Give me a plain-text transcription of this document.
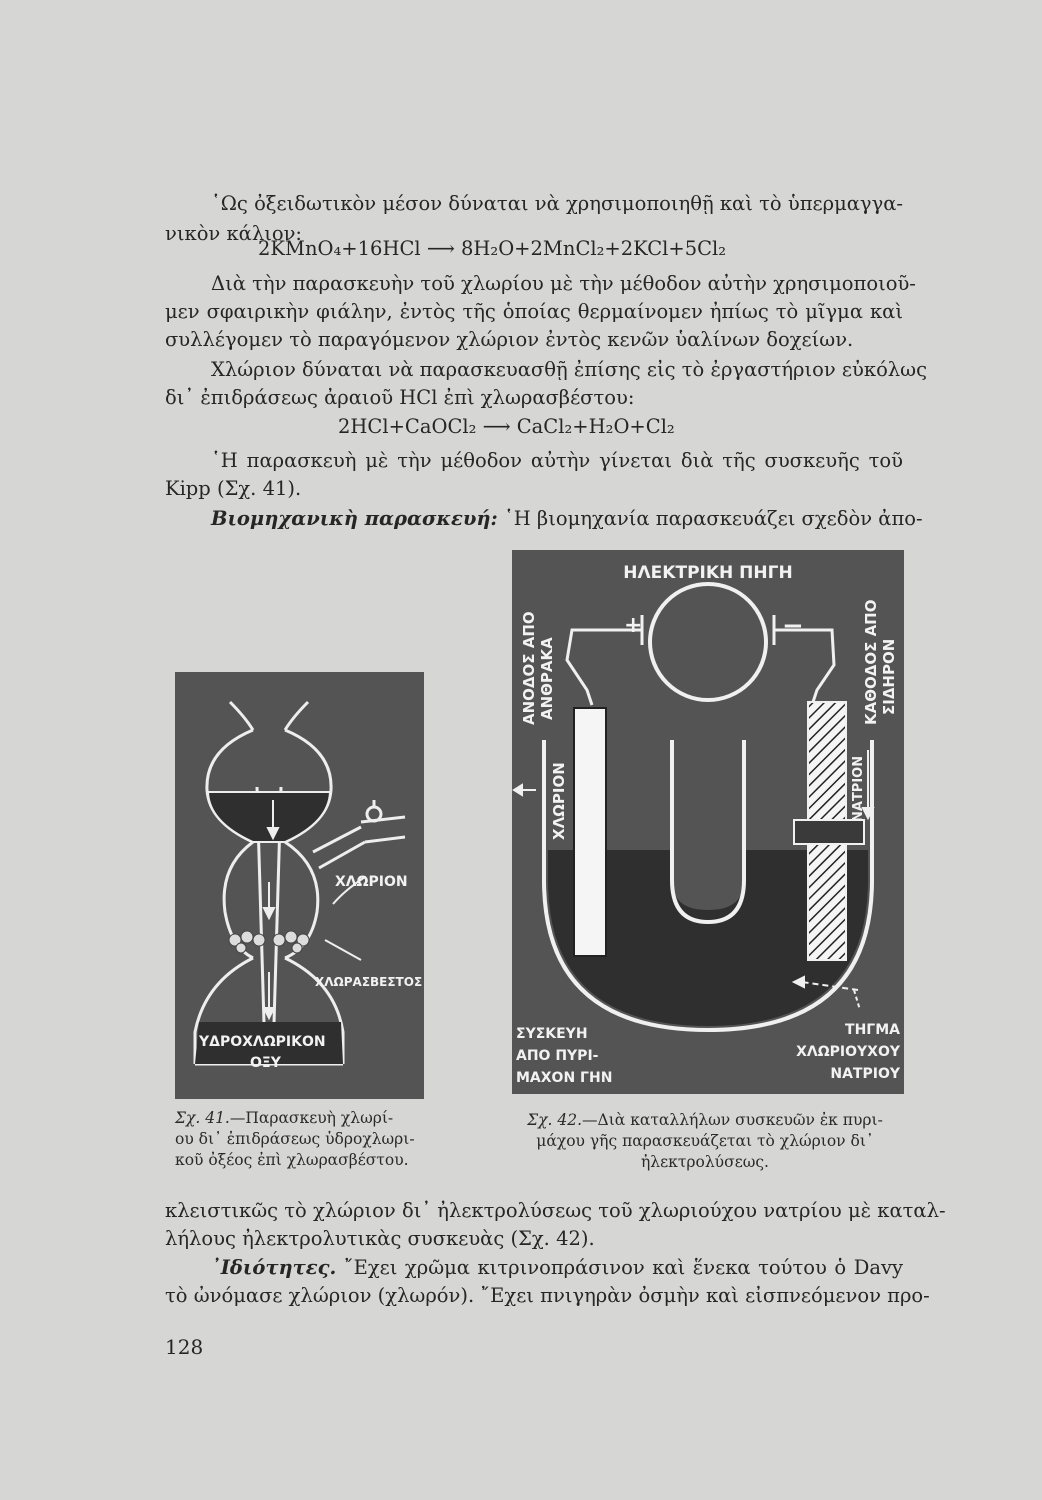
῾Ως ὀξειδωτικὸν μέσον δύναται νὰ χρησιμοποιηθῇ καὶ τὸ ὑπερμαγγα-
νικὸν κάλιον:
2KMnO₄+16HCl ⟶ 8H₂O+2MnCl₂+2KCl+5Cl₂
Διὰ τὴν παρασκευὴν τοῦ χλωρίου μὲ τὴν μέθοδον αὐτὴν χρησιμοποιοῦ-
μεν σφαιρικὴν φιάλην, ἐντὸς τῆς ὁποίας θερμαίνομεν ἠπίως τὸ μῖγμα καὶ
συλλέγομεν τὸ παραγόμενον χλώριον ἐντὸς κενῶν ὑαλίνων δοχείων.
Χλώριον δύναται νὰ παρασκευασθῇ ἐπίσης εἰς τὸ ἐργαστήριον εὐκόλως
δι᾿ ἐπιδράσεως ἀραιοῦ HCl ἐπὶ χλωρασβέστου:
2HCl+CaOCl₂ ⟶ CaCl₂+H₂O+Cl₂
῾Η παρασκευὴ μὲ τὴν μέθοδον αὐτὴν γίνεται διὰ τῆς συσκευῆς τοῦ
Kipp (Σχ. 41).
Βιομηχανικὴ παρασκευή: ῾Η βιομηχανία παρασκευάζει σχεδὸν ἀπο-
ΧΛΩΡΙΟΝ
ΧΛΩΡΑΣΒΕΣΤΟΣ
ΥΔΡΟΧΛΩΡΙΚΟΝ
ΟΞΥ
Σχ. 41.—Παρασκευὴ χλωρί-
ου δι᾿ ἐπιδράσεως ὑδροχλωρι-
κοῦ ὀξέος ἐπὶ χλωρασβέστου.
ΗΛΕΚΤΡΙΚΗ ΠΗΓΗ
+	−
ΑΝΟΔΟΣ ΑΠΟ ΑΝΘΡΑΚΑ	ΚΑΘΟΔΟΣ ΑΠΟ ΣΙΔΗΡΟΝ
ΧΛΩΡΙΟΝ	ΝΑΤΡΙΟΝ
ΣΥΣΚΕΥΗ
ΑΠΟ ΠΥΡΙ-
ΜΑΧΟΝ ΓΗΝ
ΤΗΓΜΑ
ΧΛΩΡΙΟΥΧΟΥ
ΝΑΤΡΙΟΥ
Σχ. 42.—Διὰ καταλλήλων συσκευῶν ἐκ πυρι-
μάχου γῆς παρασκευάζεται τὸ χλώριον δι᾿
ἠλεκτρολύσεως.
κλειστικῶς τὸ χλώριον δι᾿ ἠλεκτρολύσεως τοῦ χλωριούχου νατρίου μὲ καταλ-
λήλους ἠλεκτρολυτικὰς συσκευὰς (Σχ. 42).
᾿Ιδιότητες. ῎Εχει χρῶμα κιτρινοπράσινον καὶ ἕνεκα τούτου ὁ Davy
τὸ ὠνόμασε χλώριον (χλωρόν). ῎Εχει πνιγηρὰν ὀσμὴν καὶ εἰσπνεόμενον προ-
128
